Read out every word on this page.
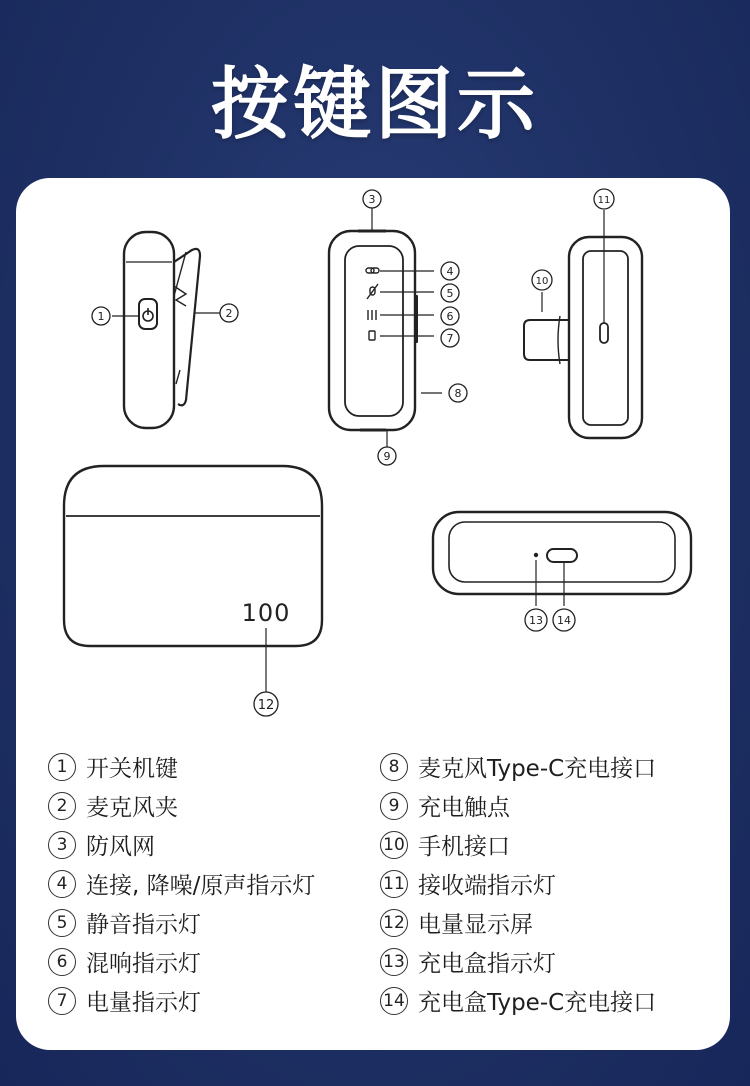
按键图示
100
1	2
3
4
5
6
7
8
9
10
11
12
13 14
1 开关机键
2 麦克风夹
3 防风网
4 连接, 降噪/原声指示灯
5 静音指示灯
6 混响指示灯
7 电量指示灯
8 麦克风Type-C充电接口
9 充电触点
10 手机接口
11 接收端指示灯
12 电量显示屏
13 充电盒指示灯
14 充电盒Type-C充电接口
